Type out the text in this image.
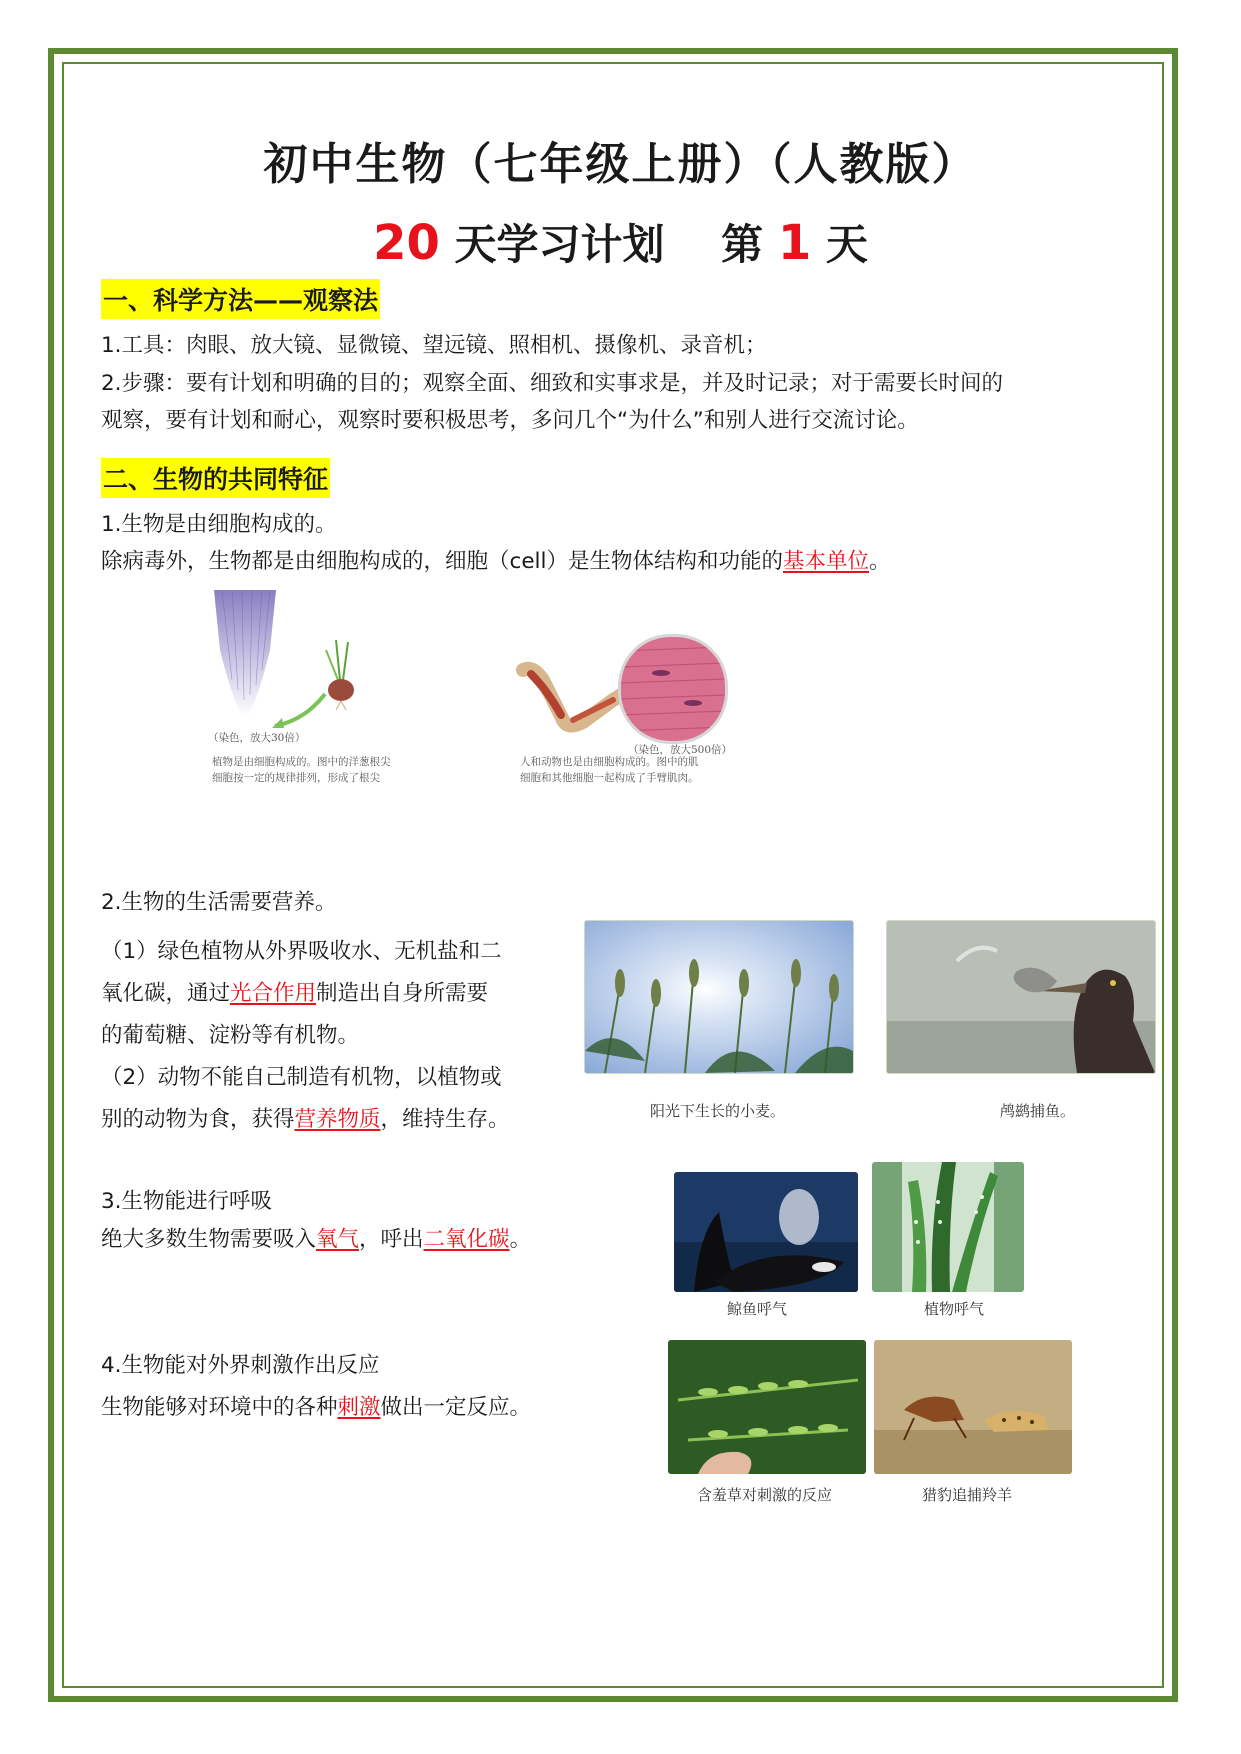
初中生物（七年级上册）（人教版）
20 天学习计划　 第 1 天
一、科学方法——观察法
1.工具：肉眼、放大镜、显微镜、望远镜、照相机、摄像机、录音机；
2.步骤：要有计划和明确的目的；观察全面、细致和实事求是，并及时记录；对于需要长时间的
观察，要有计划和耐心，观察时要积极思考，多问几个“为什么”和别人进行交流讨论。
二、生物的共同特征
1.生物是由细胞构成的。
除病毒外，生物都是由细胞构成的，细胞（cell）是生物体结构和功能的基本单位。
（染色，放大30倍）
植物是由细胞构成的。图中的洋葱根尖
细胞按一定的规律排列，形成了根尖
（染色，放大500倍）
人和动物也是由细胞构成的。图中的肌
细胞和其他细胞一起构成了手臂肌肉。
2.生物的生活需要营养。
（1）绿色植物从外界吸收水、无机盐和二
氧化碳，通过光合作用制造出自身所需要
的葡萄糖、淀粉等有机物。
（2）动物不能自己制造有机物，以植物或
别的动物为食，获得营养物质，维持生存。	阳光下生长的小麦。	鸬鹚捕鱼。
3.生物能进行呼吸
绝大多数生物需要吸入氧气，呼出二氧化碳。
鲸鱼呼气	植物呼气
4.生物能对外界刺激作出反应
生物能够对环境中的各种刺激做出一定反应。
含羞草对刺激的反应	猎豹追捕羚羊
